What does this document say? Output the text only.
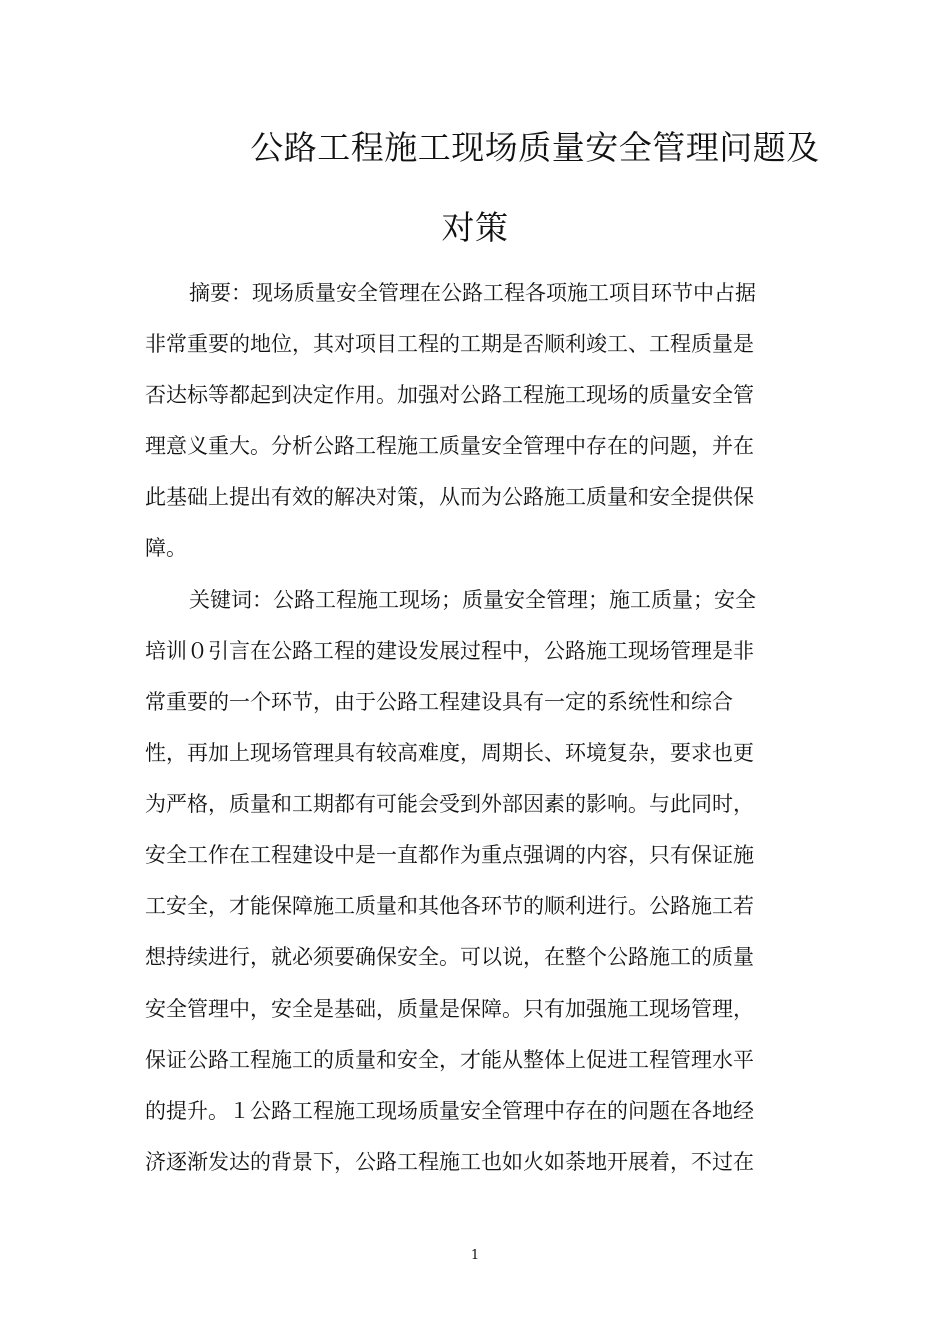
公路工程施工现场质量安全管理问题及
对策
摘要：现场质量安全管理在公路工程各项施工项目环节中占据
非常重要的地位，其对项目工程的工期是否顺利竣工、工程质量是
否达标等都起到决定作用。加强对公路工程施工现场的质量安全管
理意义重大。分析公路工程施工质量安全管理中存在的问题，并在
此基础上提出有效的解决对策，从而为公路施工质量和安全提供保
障。
关键词：公路工程施工现场；质量安全管理；施工质量；安全
培训０引言在公路工程的建设发展过程中，公路施工现场管理是非
常重要的一个环节，由于公路工程建设具有一定的系统性和综合
性，再加上现场管理具有较高难度，周期长、环境复杂，要求也更
为严格，质量和工期都有可能会受到外部因素的影响。与此同时，
安全工作在工程建设中是一直都作为重点强调的内容，只有保证施
工安全，才能保障施工质量和其他各环节的顺利进行。公路施工若
想持续进行，就必须要确保安全。可以说，在整个公路施工的质量
安全管理中，安全是基础，质量是保障。只有加强施工现场管理，
保证公路工程施工的质量和安全，才能从整体上促进工程管理水平
的提升。１公路工程施工现场质量安全管理中存在的问题在各地经
济逐渐发达的背景下，公路工程施工也如火如荼地开展着，不过在
1
